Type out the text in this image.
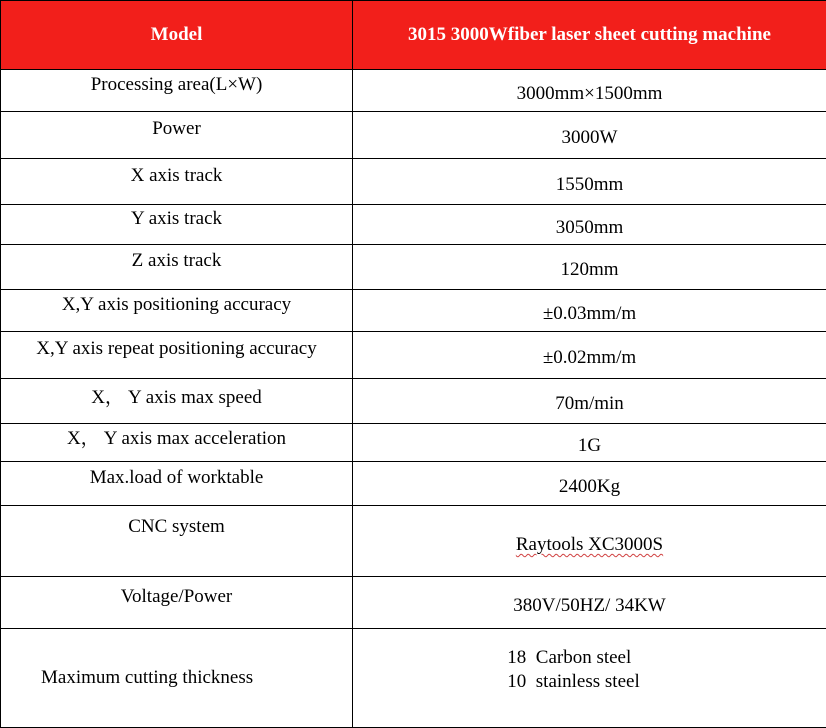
Model	3015 3000Wfiber laser sheet cutting machine
Processing area(L×W)	3000mm×1500mm
Power	3000W
X axis track	1550mm
Y axis track	3050mm
Z axis track	120mm
X,Y axis positioning accuracy	±0.03mm/m
X,Y axis repeat positioning accuracy	±0.02mm/m
X， Y axis max speed	70m/min
X， Y axis max acceleration	1G
Max.load of worktable	2400Kg
CNC system	Raytools XC3000S
Voltage/Power	380V/50HZ/ 34KW
Maximum cutting thickness	18  Carbon steel
10  stainless steel
